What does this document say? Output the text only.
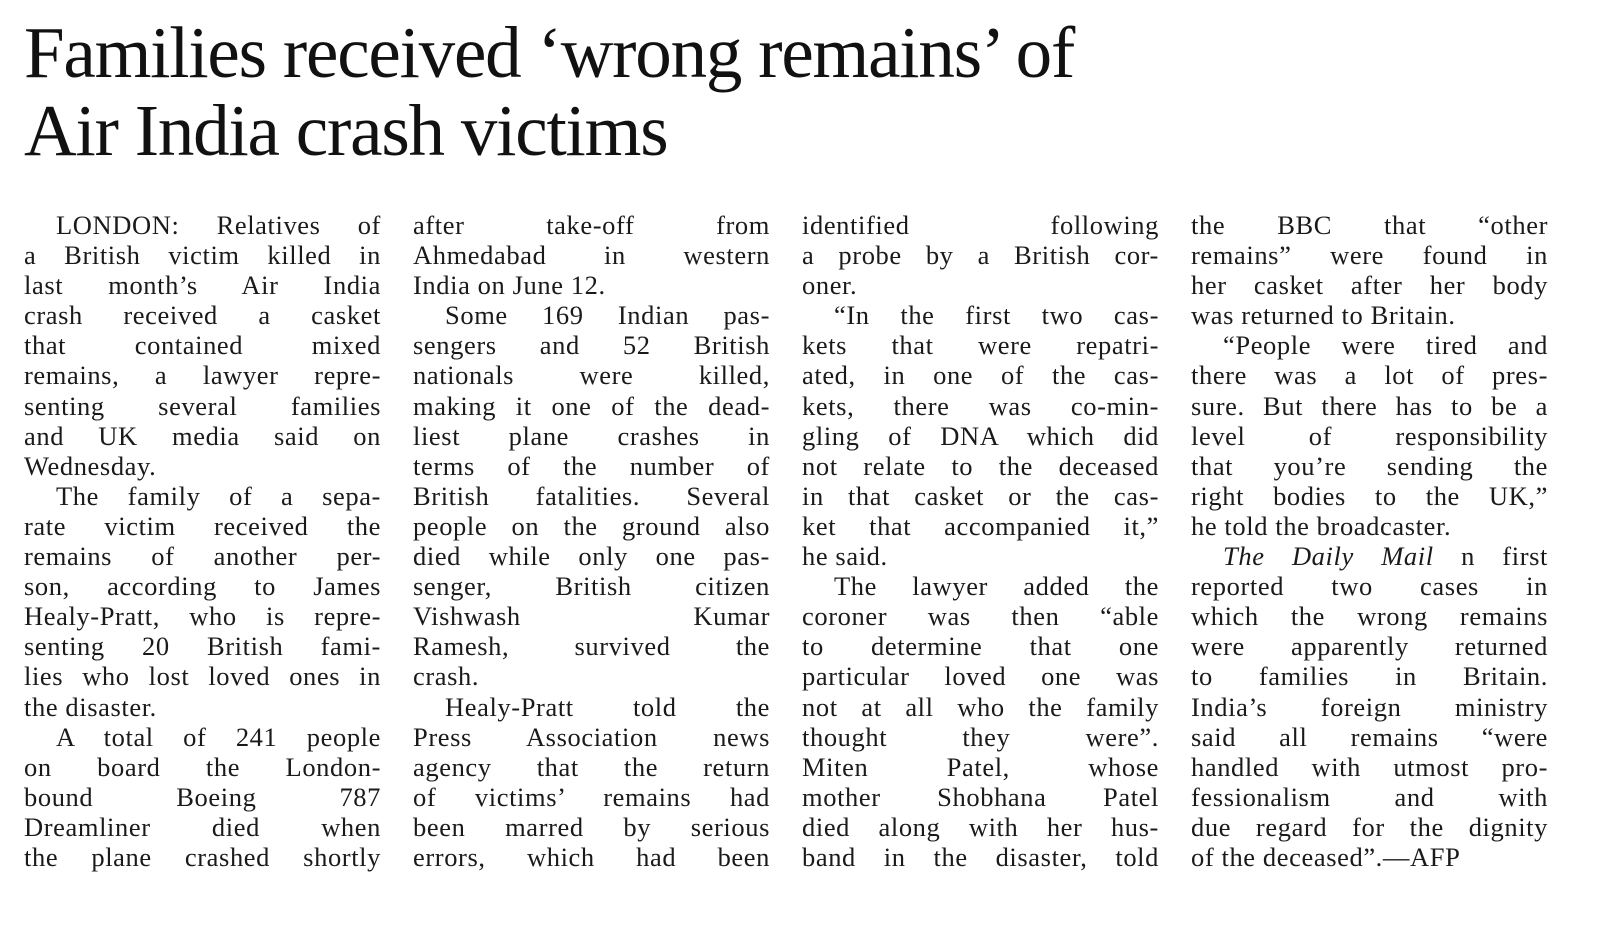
Families received ‘wrong remains’ of
Air India crash victims
LONDON: Relatives of
a British victim killed in
last month’s Air India
crash received a casket
that contained mixed
remains, a lawyer repre-
senting several families
and UK media said on
Wednesday.
The family of a sepa-
rate victim received the
remains of another per-
son, according to James
Healy-Pratt, who is repre-
senting 20 British fami-
lies who lost loved ones in
the disaster.
A total of 241 people
on board the London-
bound Boeing 787
Dreamliner died when
the plane crashed shortly
after take-off from
Ahmedabad in western
India on June 12.
Some 169 Indian pas-
sengers and 52 British
nationals were killed,
making it one of the dead-
liest plane crashes in
terms of the number of
British fatalities. Several
people on the ground also
died while only one pas-
senger, British citizen
Vishwash Kumar
Ramesh, survived the
crash.
Healy-Pratt told the
Press Association news
agency that the return
of victims’ remains had
been marred by serious
errors, which had been
identified following
a probe by a British cor-
oner.
“In the first two cas-
kets that were repatri-
ated, in one of the cas-
kets, there was co-min-
gling of DNA which did
not relate to the deceased
in that casket or the cas-
ket that accompanied it,”
he said.
The lawyer added the
coroner was then “able
to determine that one
particular loved one was
not at all who the family
thought they were”.
Miten Patel, whose
mother Shobhana Patel
died along with her hus-
band in the disaster, told
the BBC that “other
remains” were found in
her casket after her body
was returned to Britain.
“People were tired and
there was a lot of pres-
sure. But there has to be a
level of responsibility
that you’re sending the
right bodies to the UK,”
he told the broadcaster.
The Daily Mail n first
reported two cases in
which the wrong remains
were apparently returned
to families in Britain.
India’s foreign ministry
said all remains “were
handled with utmost pro-
fessionalism and with
due regard for the dignity
of the deceased”.—AFP
